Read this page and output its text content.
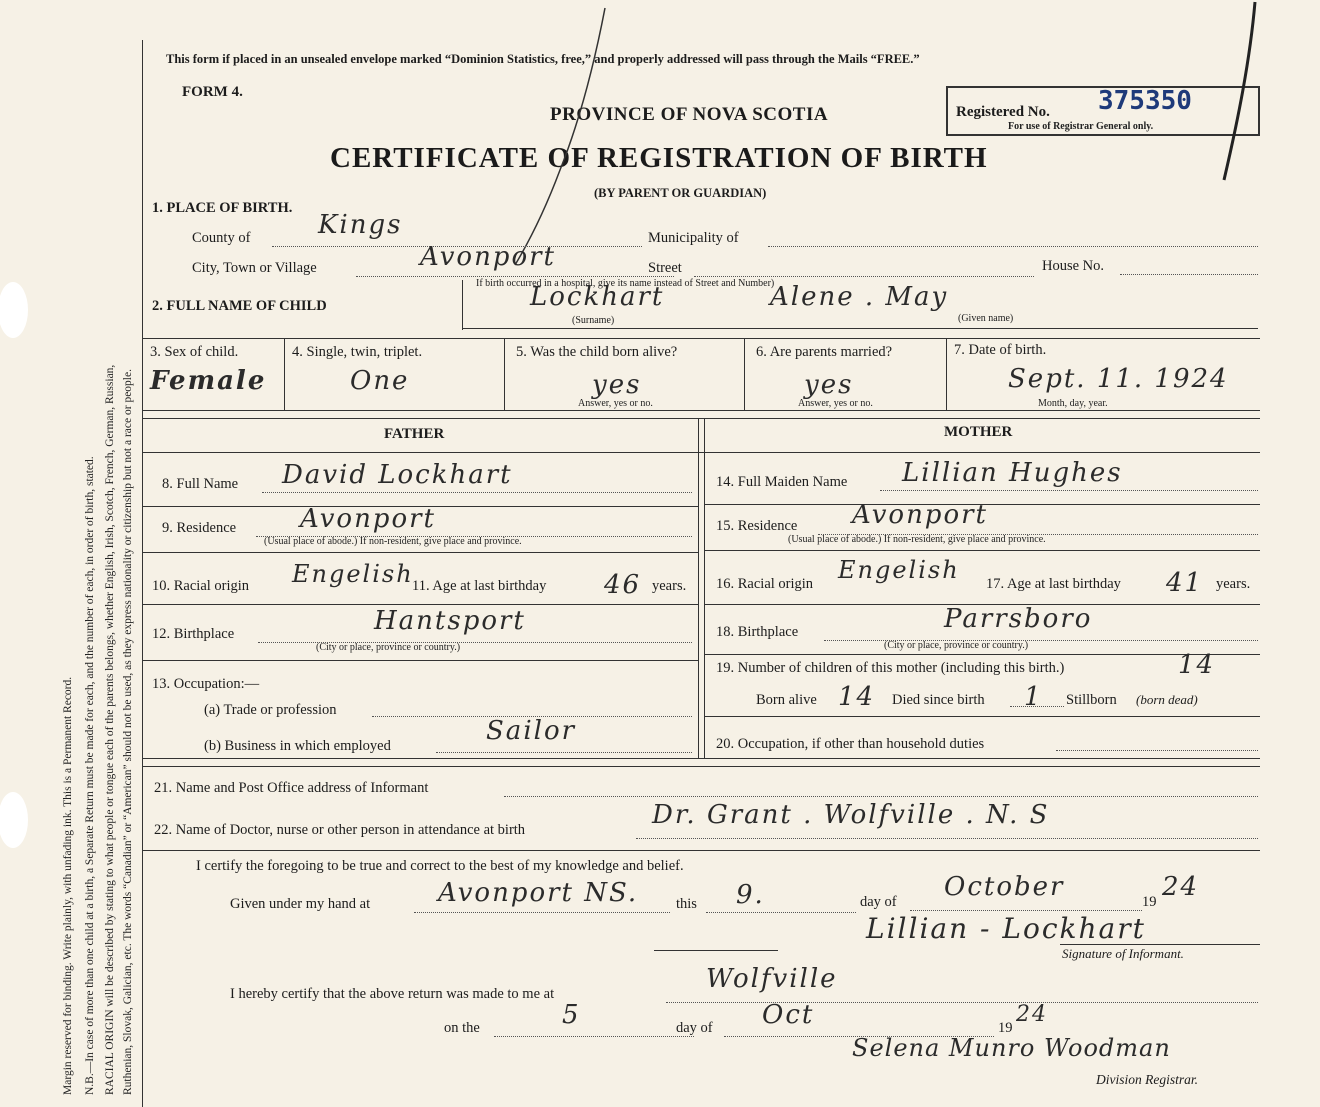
Margin reserved for binding. Write plainly, with unfading ink. This is a Permanent Record. N.B.—In case of more than one child at a birth, a Separate Return must be made for each, and the number of each, in order of birth, stated. RACIAL ORIGIN will be described by stating to what people or tongue each of the parents belongs, whether English, Irish, Scotch, French, German, Russian, Ruthenian, Slovak, Galician, etc. The words “Canadian” or “American” should not be used, as they express nationality or citizenship but not a race or people.
This form if placed in an unsealed envelope marked “Dominion Statistics, free,” and properly addressed will pass through the Mails “FREE.”
FORM 4.
PROVINCE OF NOVA SCOTIA
CERTIFICATE OF REGISTRATION OF BIRTH
(BY PARENT OR GUARDIAN)
Registered No. 375350
For use of Registrar General only.
1. PLACE OF BIRTH.
County of	Kings	Municipality of
City, Town or Village	Avonport	Street	House No.
If birth occurred in a hospital, give its name instead of Street and Number)
2. FULL NAME OF CHILD	Lockhart
(Surname)
Alene . May
(Given name)
3. Sex of child.
Female
4. Single, twin, triplet.
One
5. Was the child born alive?
yes
Answer, yes or no.
6. Are parents married?
yes
Answer, yes or no.
7. Date of birth.
Sept. 11. 1924
Month, day, year.
FATHER	MOTHER
8. Full Name David Lockhart
9. Residence Avonport
(Usual place of abode.) If non-resident, give place and province.
10. Racial origin Engelish
11. Age at last birthday 46 years.
12. Birthplace	Hantsport
(City or place, province or country.)
13. Occupation:—
(a) Trade or profession
(b) Business in which employed	Sailor
14. Full Maiden Name Lillian Hughes
15. Residence Avonport
(Usual place of abode.) If non-resident, give place and province.
16. Racial origin Engelish 17. Age at last birthday 41 years.
18. Birthplace	Parrsboro
(City or place, province or country.)
19. Number of children of this mother (including this birth.)	14
Born alive 14 Died since birth 1 Stillborn (born dead)
20. Occupation, if other than household duties
21. Name and Post Office address of Informant
22. Name of Doctor, nurse or other person in attendance at birth	Dr. Grant . Wolfville . N. S
I certify the foregoing to be true and correct to the best of my knowledge and belief.
Given under my hand at	Avonport NS.	this 9.	day of October	19 24
Lillian - Lockhart
Signature of Informant.
I hereby certify that the above return was made to me at	Wolfville
on the	5	day of Oct	19
24
Selena Munro Woodman
Division Registrar.
